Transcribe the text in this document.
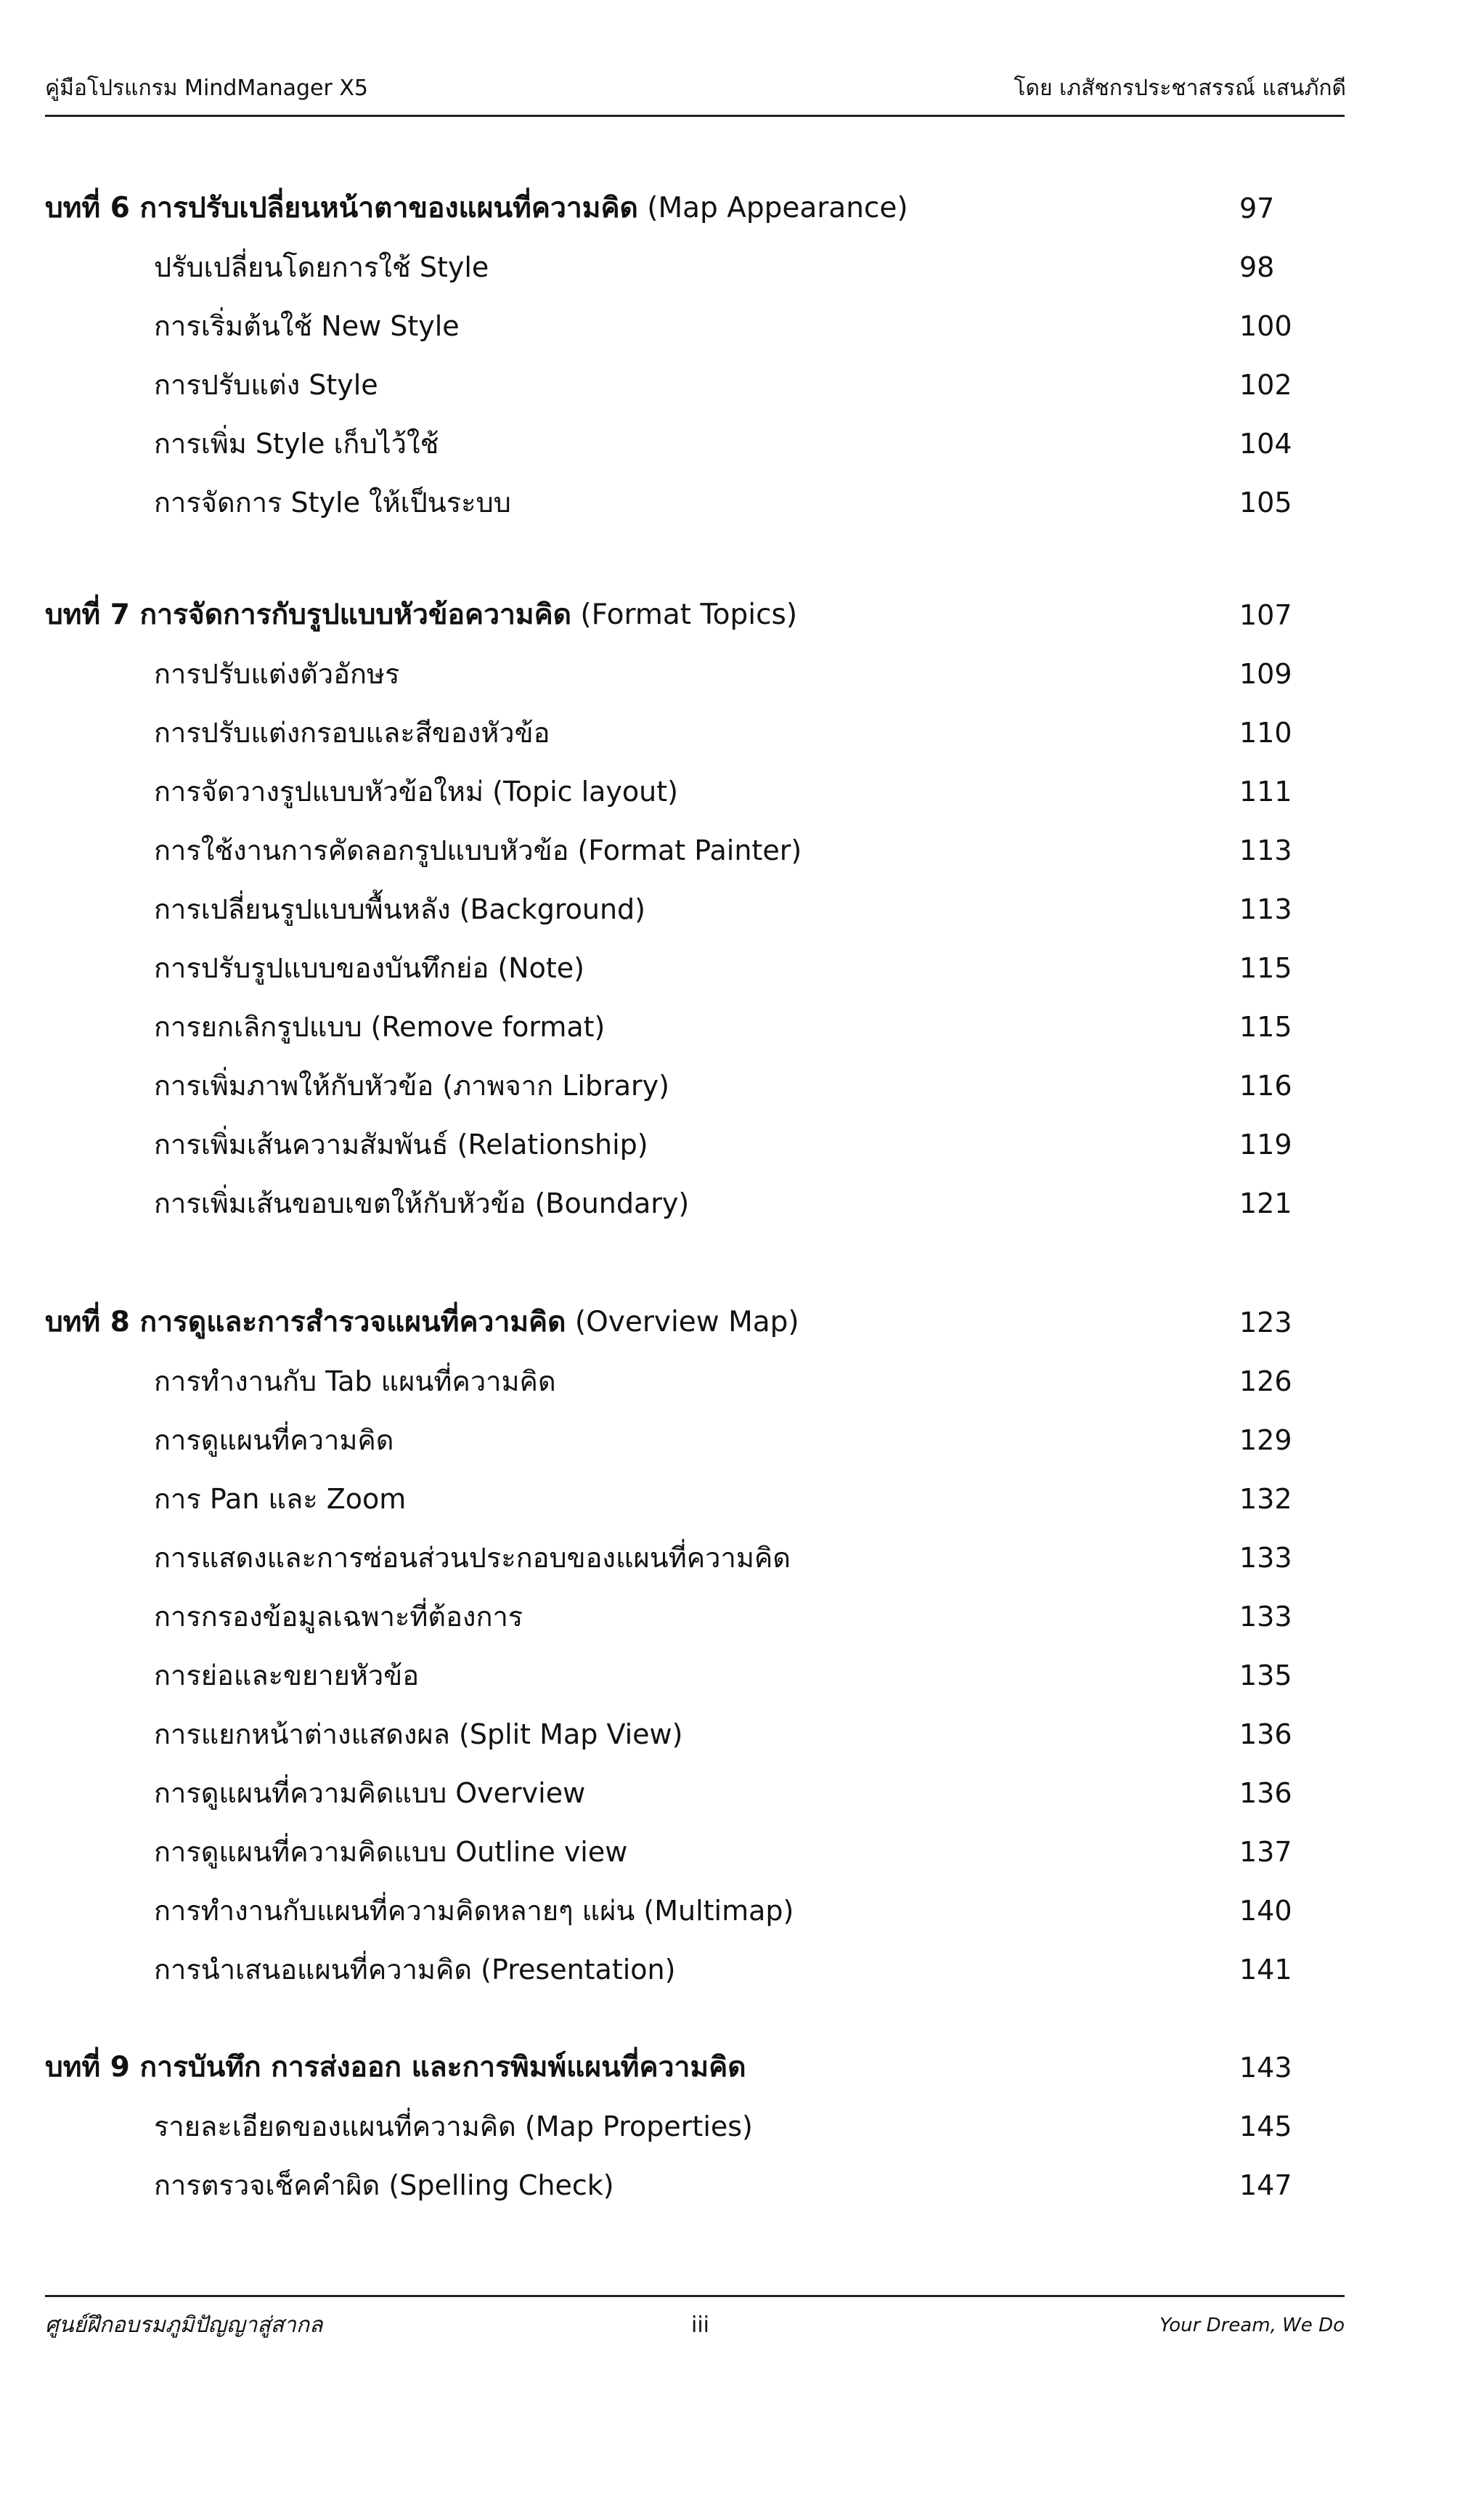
คู่มือโปรแกรม MindManager X5	โดย เภสัชกรประชาสรรณ์ แสนภักดี
บทที่ 6 การปรับเปลี่ยนหน้าตาของแผนที่ความคิด (Map Appearance)	97
ปรับเปลี่ยนโดยการใช้ Style	98
การเริ่มต้นใช้ New Style	100
การปรับแต่ง Style	102
การเพิ่ม Style เก็บไว้ใช้	104
การจัดการ Style ให้เป็นระบบ	105
บทที่ 7 การจัดการกับรูปแบบหัวข้อความคิด (Format Topics)	107
การปรับแต่งตัวอักษร	109
การปรับแต่งกรอบและสีของหัวข้อ	110
การจัดวางรูปแบบหัวข้อใหม่ (Topic layout)	111
การใช้งานการคัดลอกรูปแบบหัวข้อ (Format Painter)	113
การเปลี่ยนรูปแบบพื้นหลัง (Background)	113
การปรับรูปแบบของบันทึกย่อ (Note)	115
การยกเลิกรูปแบบ (Remove format)	115
การเพิ่มภาพให้กับหัวข้อ (ภาพจาก Library)	116
การเพิ่มเส้นความสัมพันธ์ (Relationship)	119
การเพิ่มเส้นขอบเขตให้กับหัวข้อ (Boundary)	121
บทที่ 8 การดูและการสำรวจแผนที่ความคิด (Overview Map)	123
การทำงานกับ Tab แผนที่ความคิด	126
การดูแผนที่ความคิด	129
การ Pan และ Zoom	132
การแสดงและการซ่อนส่วนประกอบของแผนที่ความคิด	133
การกรองข้อมูลเฉพาะที่ต้องการ	133
การย่อและขยายหัวข้อ	135
การแยกหน้าต่างแสดงผล (Split Map View)	136
การดูแผนที่ความคิดแบบ Overview	136
การดูแผนที่ความคิดแบบ Outline view	137
การทำงานกับแผนที่ความคิดหลายๆ แผ่น (Multimap)	140
การนำเสนอแผนที่ความคิด (Presentation)	141
บทที่ 9 การบันทึก การส่งออก และการพิมพ์แผนที่ความคิด	143
รายละเอียดของแผนที่ความคิด (Map Properties)	145
การตรวจเช็คคำผิด (Spelling Check)	147
ศูนย์ฝึกอบรมภูมิปัญญาสู่สากล	iii	Your Dream, We Do
